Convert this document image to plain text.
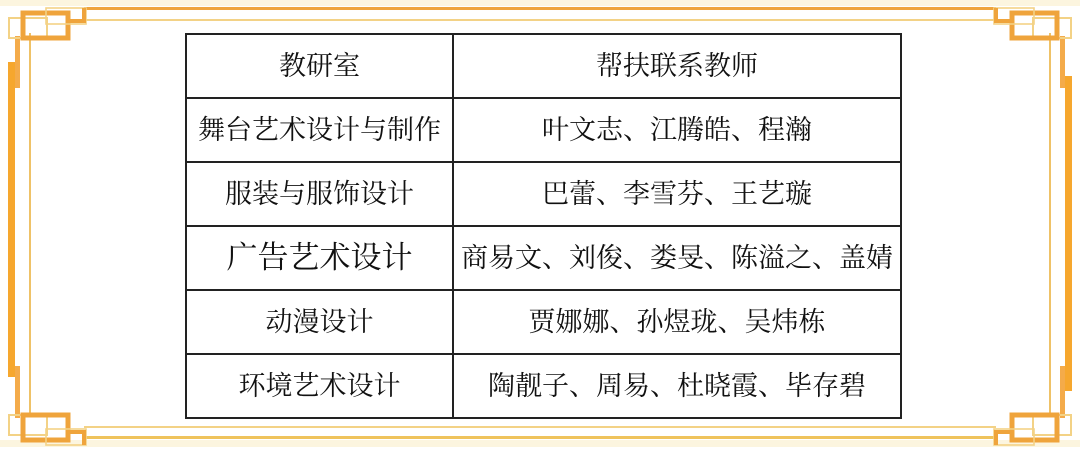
教研室	帮扶联系教师
舞台艺术设计与制作	叶文志、江腾皓、程瀚
服装与服饰设计	巴蕾、李雪芬、王艺璇
广告艺术设计	商易文、刘俊、娄旻、陈溢之、盖婧
动漫设计	贾娜娜、孙煜珑、吴炜栋
环境艺术设计	陶靓子、周易、杜晓霞、毕存碧
